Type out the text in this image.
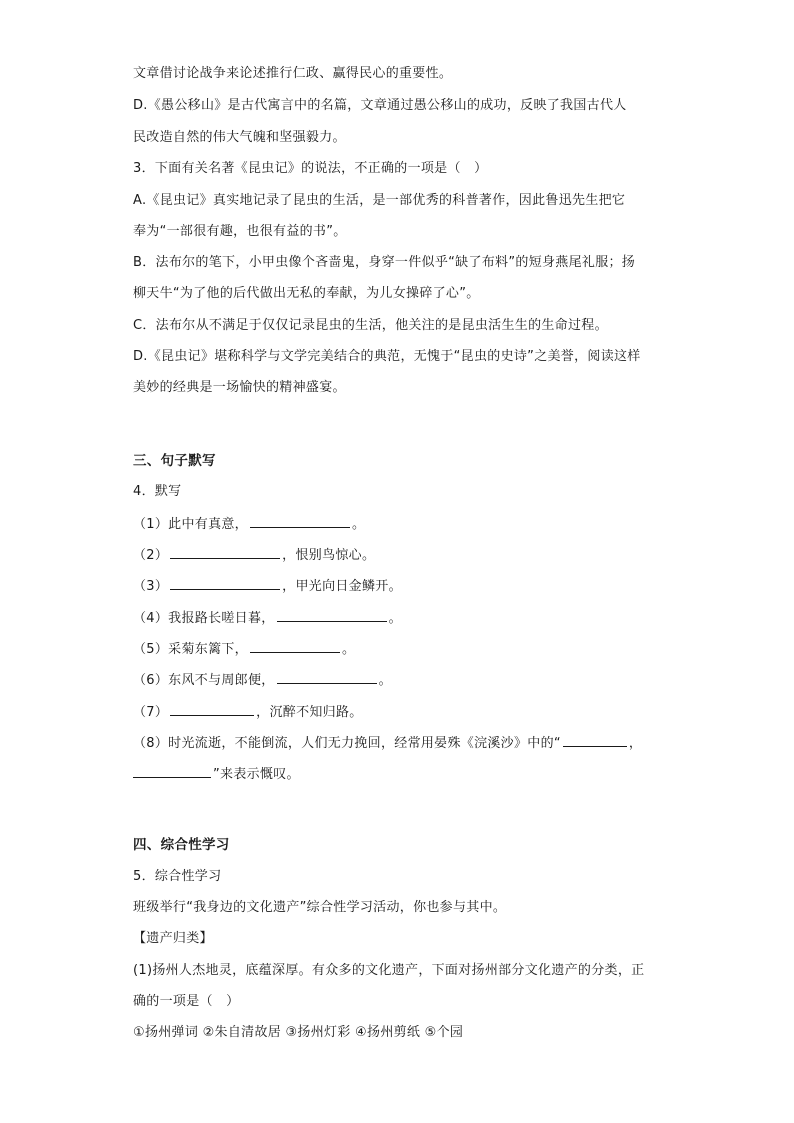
文章借讨论战争来论述推行仁政、赢得民心的重要性。
D.《愚公移山》是古代寓言中的名篇，文章通过愚公移山的成功，反映了我国古代人
民改造自然的伟大气魄和坚强毅力。
3．下面有关名著《昆虫记》的说法，不正确的一项是（　）
A.《昆虫记》真实地记录了昆虫的生活，是一部优秀的科普著作，因此鲁迅先生把它
奉为“一部很有趣，也很有益的书”。
B．法布尔的笔下，小甲虫像个吝啬鬼，身穿一件似乎“缺了布料”的短身燕尾礼服；扬
柳天牛“为了他的后代做出无私的奉献，为儿女操碎了心”。
C．法布尔从不满足于仅仅记录昆虫的生活，他关注的是昆虫活生生的生命过程。
D.《昆虫记》堪称科学与文学完美结合的典范，无愧于“昆虫的史诗”之美誉，阅读这样
美妙的经典是一场愉快的精神盛宴。
三、句子默写
4．默写
（1）此中有真意，	。
（2）	，恨别鸟惊心。
（3）	，甲光向日金鳞开。
（4）我报路长嗟日暮，	。
（5）采菊东篱下，	。
（6）东风不与周郎便，	。
（7）	，沉醉不知归路。
（8）时光流逝，不能倒流，人们无力挽回，经常用晏殊《浣溪沙》中的“	，
”来表示慨叹。
四、综合性学习
5．综合性学习
班级举行“我身边的文化遗产”综合性学习活动，你也参与其中。
【遗产归类】
(1)扬州人杰地灵，底蕴深厚。有众多的文化遗产，下面对扬州部分文化遗产的分类，正
确的一项是（　）
①扬州弹词 ②朱自清故居 ③扬州灯彩 ④扬州剪纸 ⑤个园
